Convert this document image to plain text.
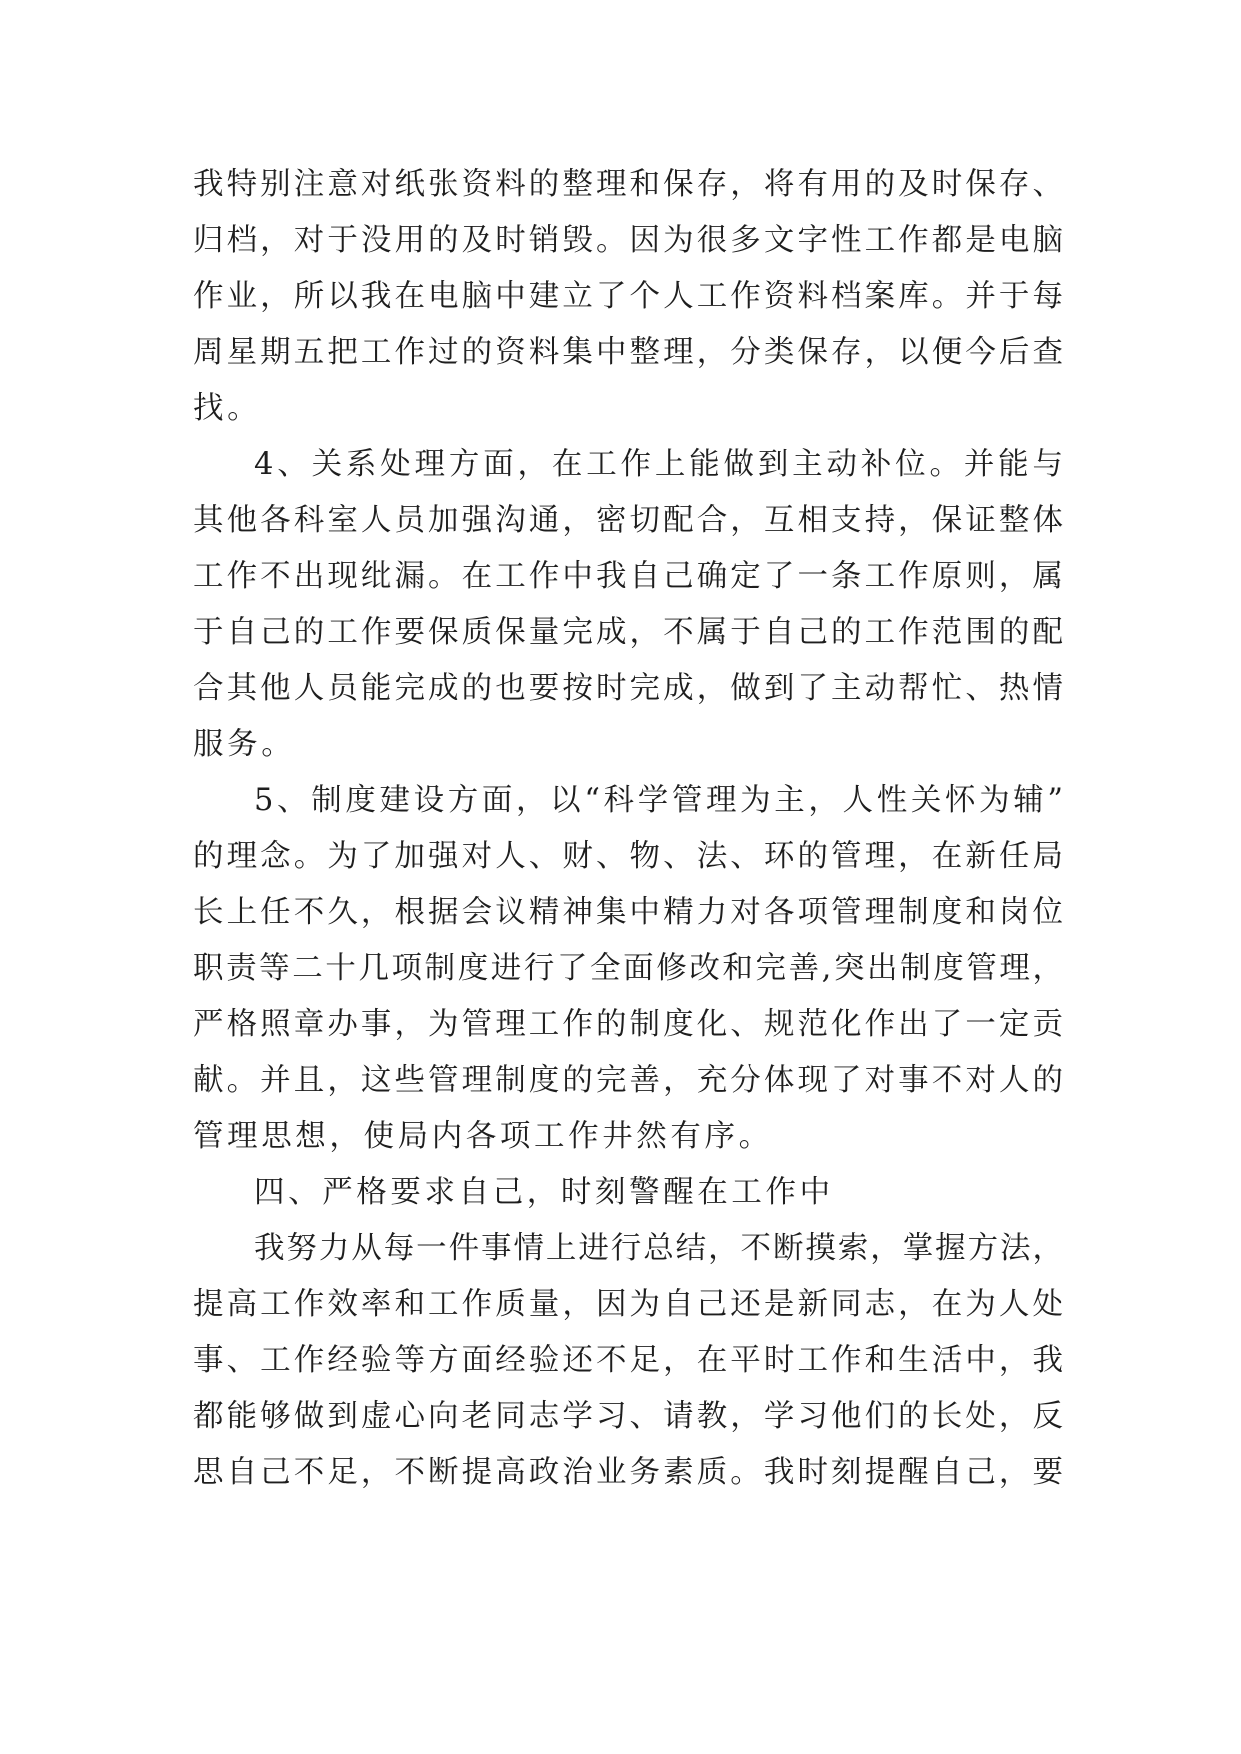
我特别注意对纸张资料的整理和保存，将有用的及时保存、
归档，对于没用的及时销毁。因为很多文字性工作都是电脑
作业，所以我在电脑中建立了个人工作资料档案库。并于每
周星期五把工作过的资料集中整理，分类保存，以便今后查
找。
4、关系处理方面，在工作上能做到主动补位。并能与
其他各科室人员加强沟通，密切配合，互相支持，保证整体
工作不出现纰漏。在工作中我自己确定了一条工作原则，属
于自己的工作要保质保量完成，不属于自己的工作范围的配
合其他人员能完成的也要按时完成，做到了主动帮忙、热情
服务。
5、制度建设方面，以“科学管理为主，人性关怀为辅”
的理念。为了加强对人、财、物、法、环的管理，在新任局
长上任不久，根据会议精神集中精力对各项管理制度和岗位
职责等二十几项制度进行了全面修改和完善,突出制度管理，
严格照章办事，为管理工作的制度化、规范化作出了一定贡
献。并且，这些管理制度的完善，充分体现了对事不对人的
管理思想，使局内各项工作井然有序。
四、严格要求自己，时刻警醒在工作中
我努力从每一件事情上进行总结，不断摸索，掌握方法，
提高工作效率和工作质量，因为自己还是新同志，在为人处
事、工作经验等方面经验还不足，在平时工作和生活中，我
都能够做到虚心向老同志学习、请教，学习他们的长处，反
思自己不足，不断提高政治业务素质。我时刻提醒自己，要
